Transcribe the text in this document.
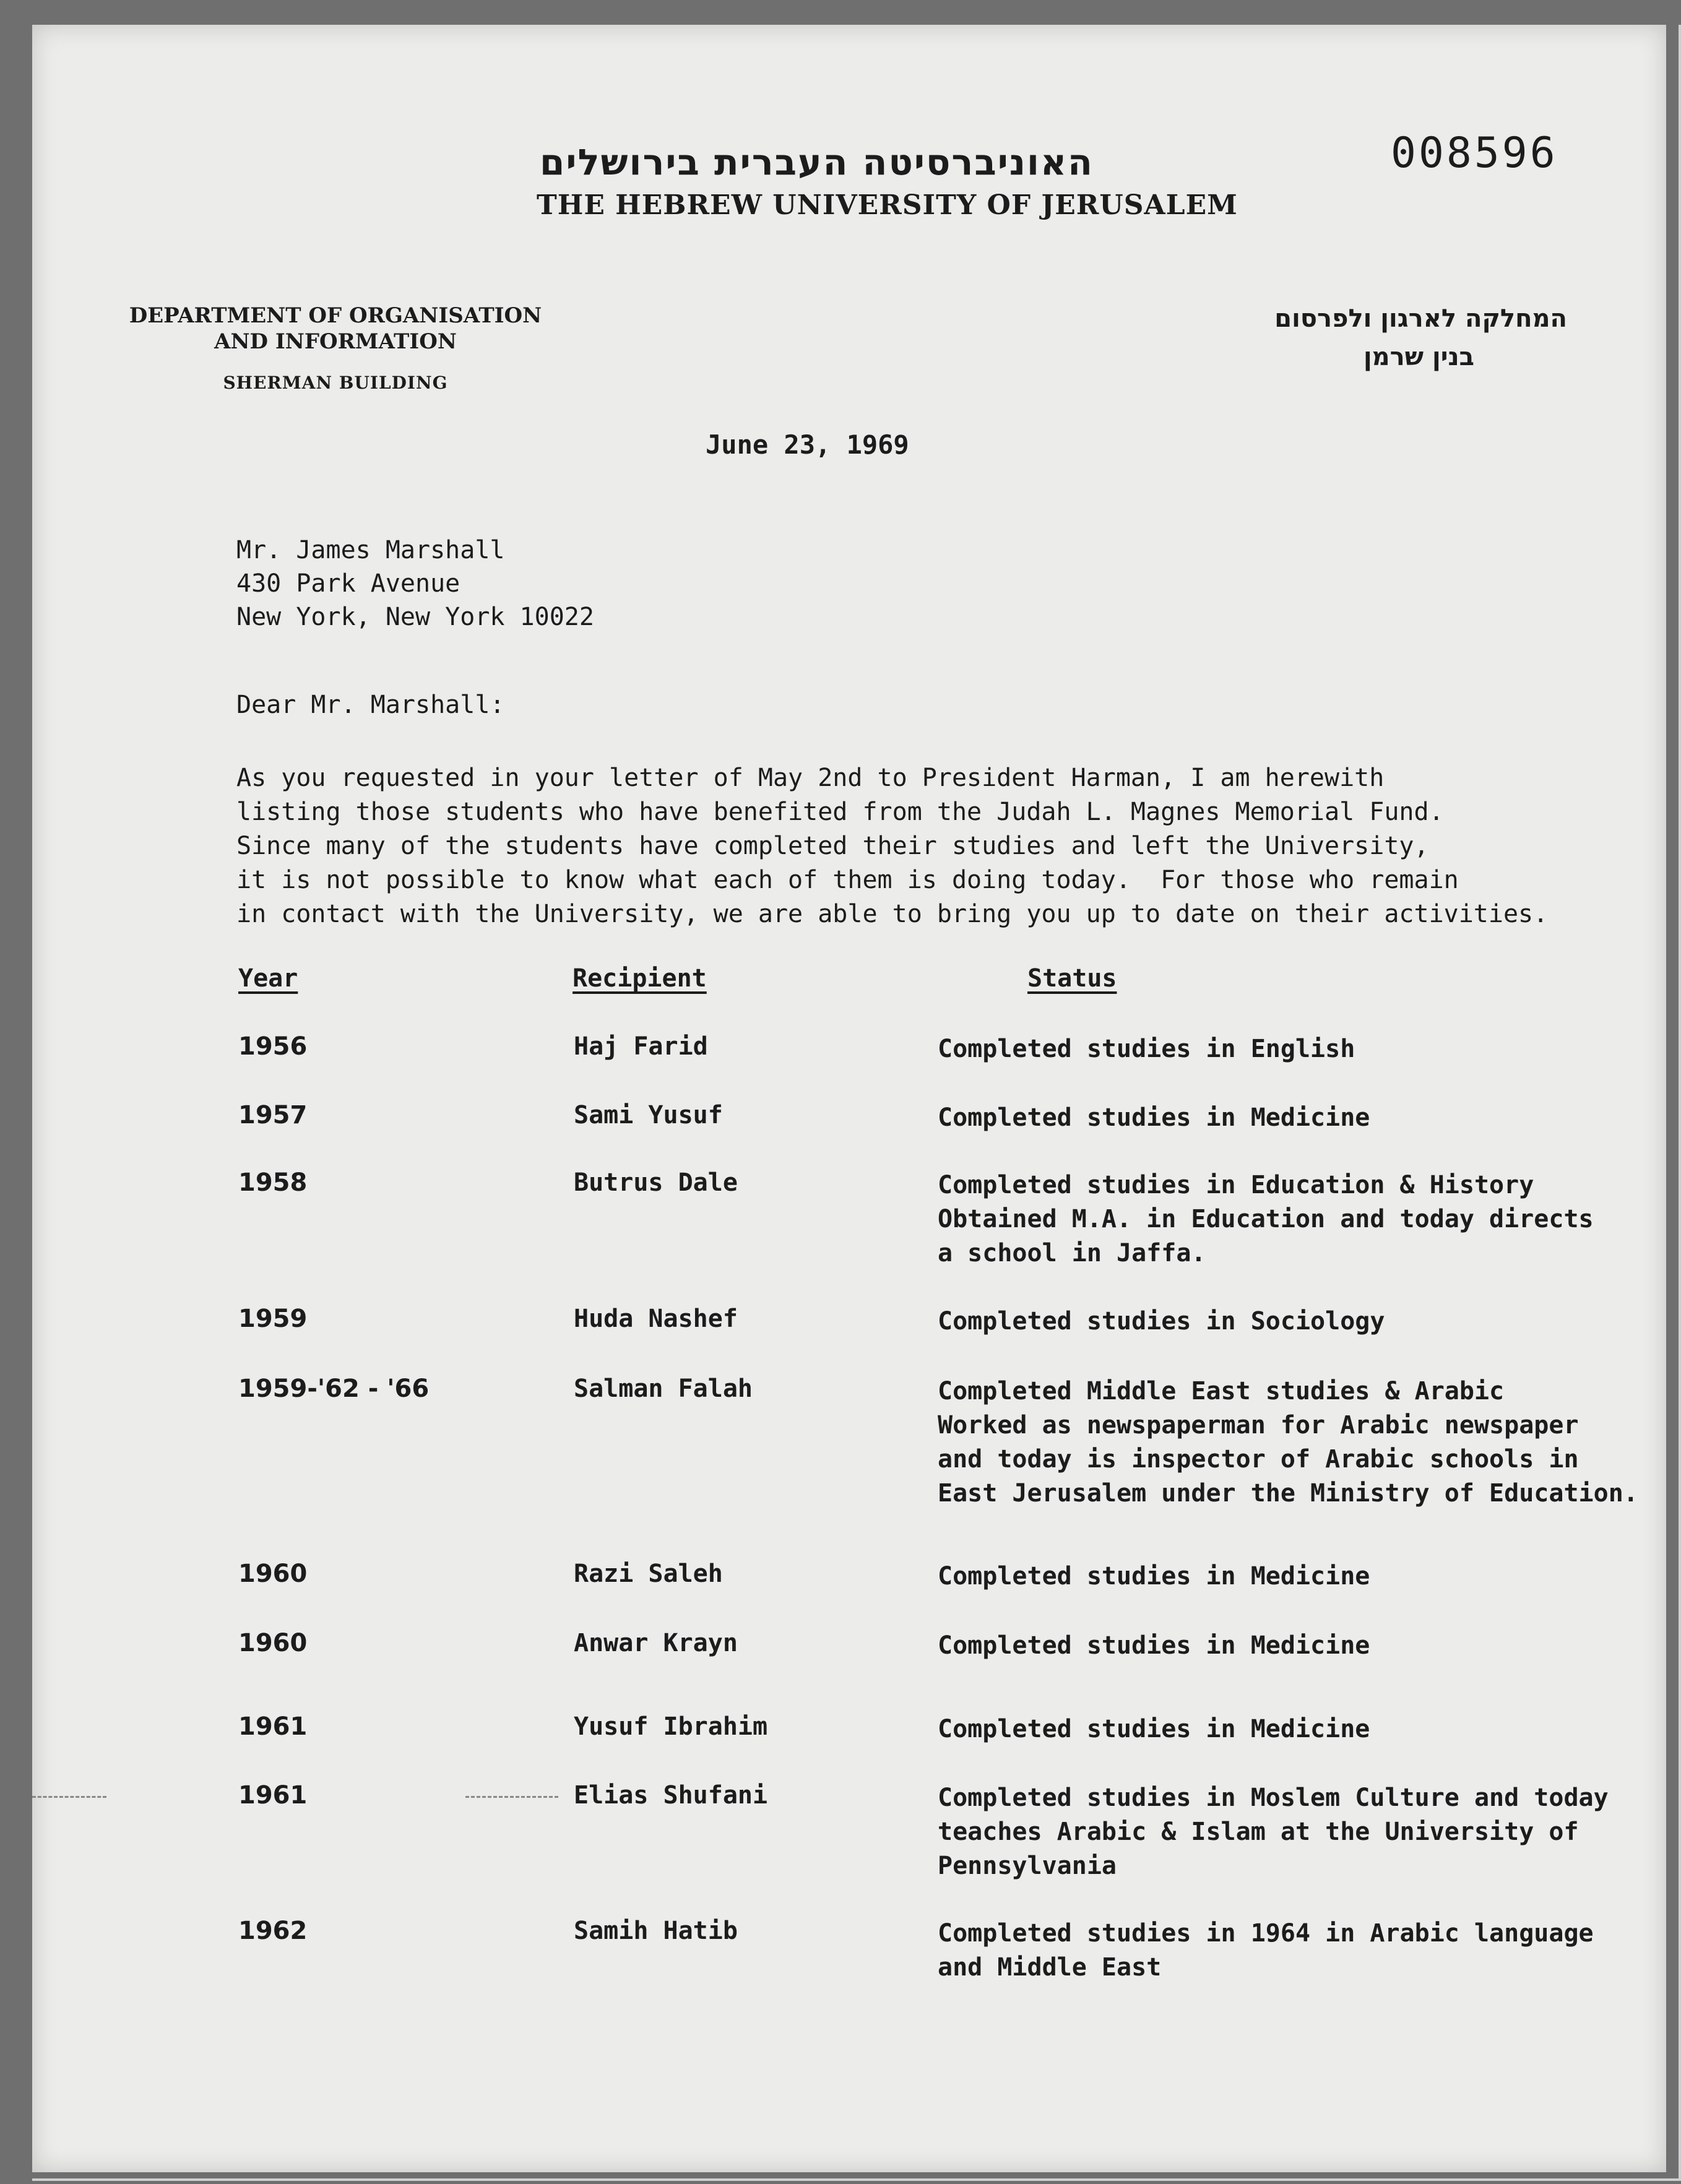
האוניברסיטה העברית בירושלים
THE HEBREW UNIVERSITY OF JERUSALEM
008596
DEPARTMENT OF ORGANISATION
AND INFORMATION
SHERMAN BUILDING
המחלקה לארגון ולפרסום
בנין שרמן
June 23, 1969
Mr. James Marshall
430 Park Avenue
New York, New York 10022
Dear Mr. Marshall:
As you requested in your letter of May 2nd to President Harman, I am herewith
listing those students who have benefited from the Judah L. Magnes Memorial Fund.
Since many of the students have completed their studies and left the University,
it is not possible to know what each of them is doing today.  For those who remain
in contact with the University, we are able to bring you up to date on their activities.
Year	Recipient	Status
1956	Haj Farid	Completed studies in English
1957	Sami Yusuf	Completed studies in Medicine
1958	Butrus Dale	Completed studies in Education & History
Obtained M.A. in Education and today directs
a school in Jaffa.
1959	Huda Nashef	Completed studies in Sociology
1959-'62 - '66	Salman Falah	Completed Middle East studies & Arabic
Worked as newspaperman for Arabic newspaper
and today is inspector of Arabic schools in
East Jerusalem under the Ministry of Education.
1960	Razi Saleh	Completed studies in Medicine
1960	Anwar Krayn	Completed studies in Medicine
1961	Yusuf Ibrahim	Completed studies in Medicine
1961	Elias Shufani	Completed studies in Moslem Culture and today
teaches Arabic & Islam at the University of
Pennsylvania
1962	Samih Hatib	Completed studies in 1964 in Arabic language
and Middle East
